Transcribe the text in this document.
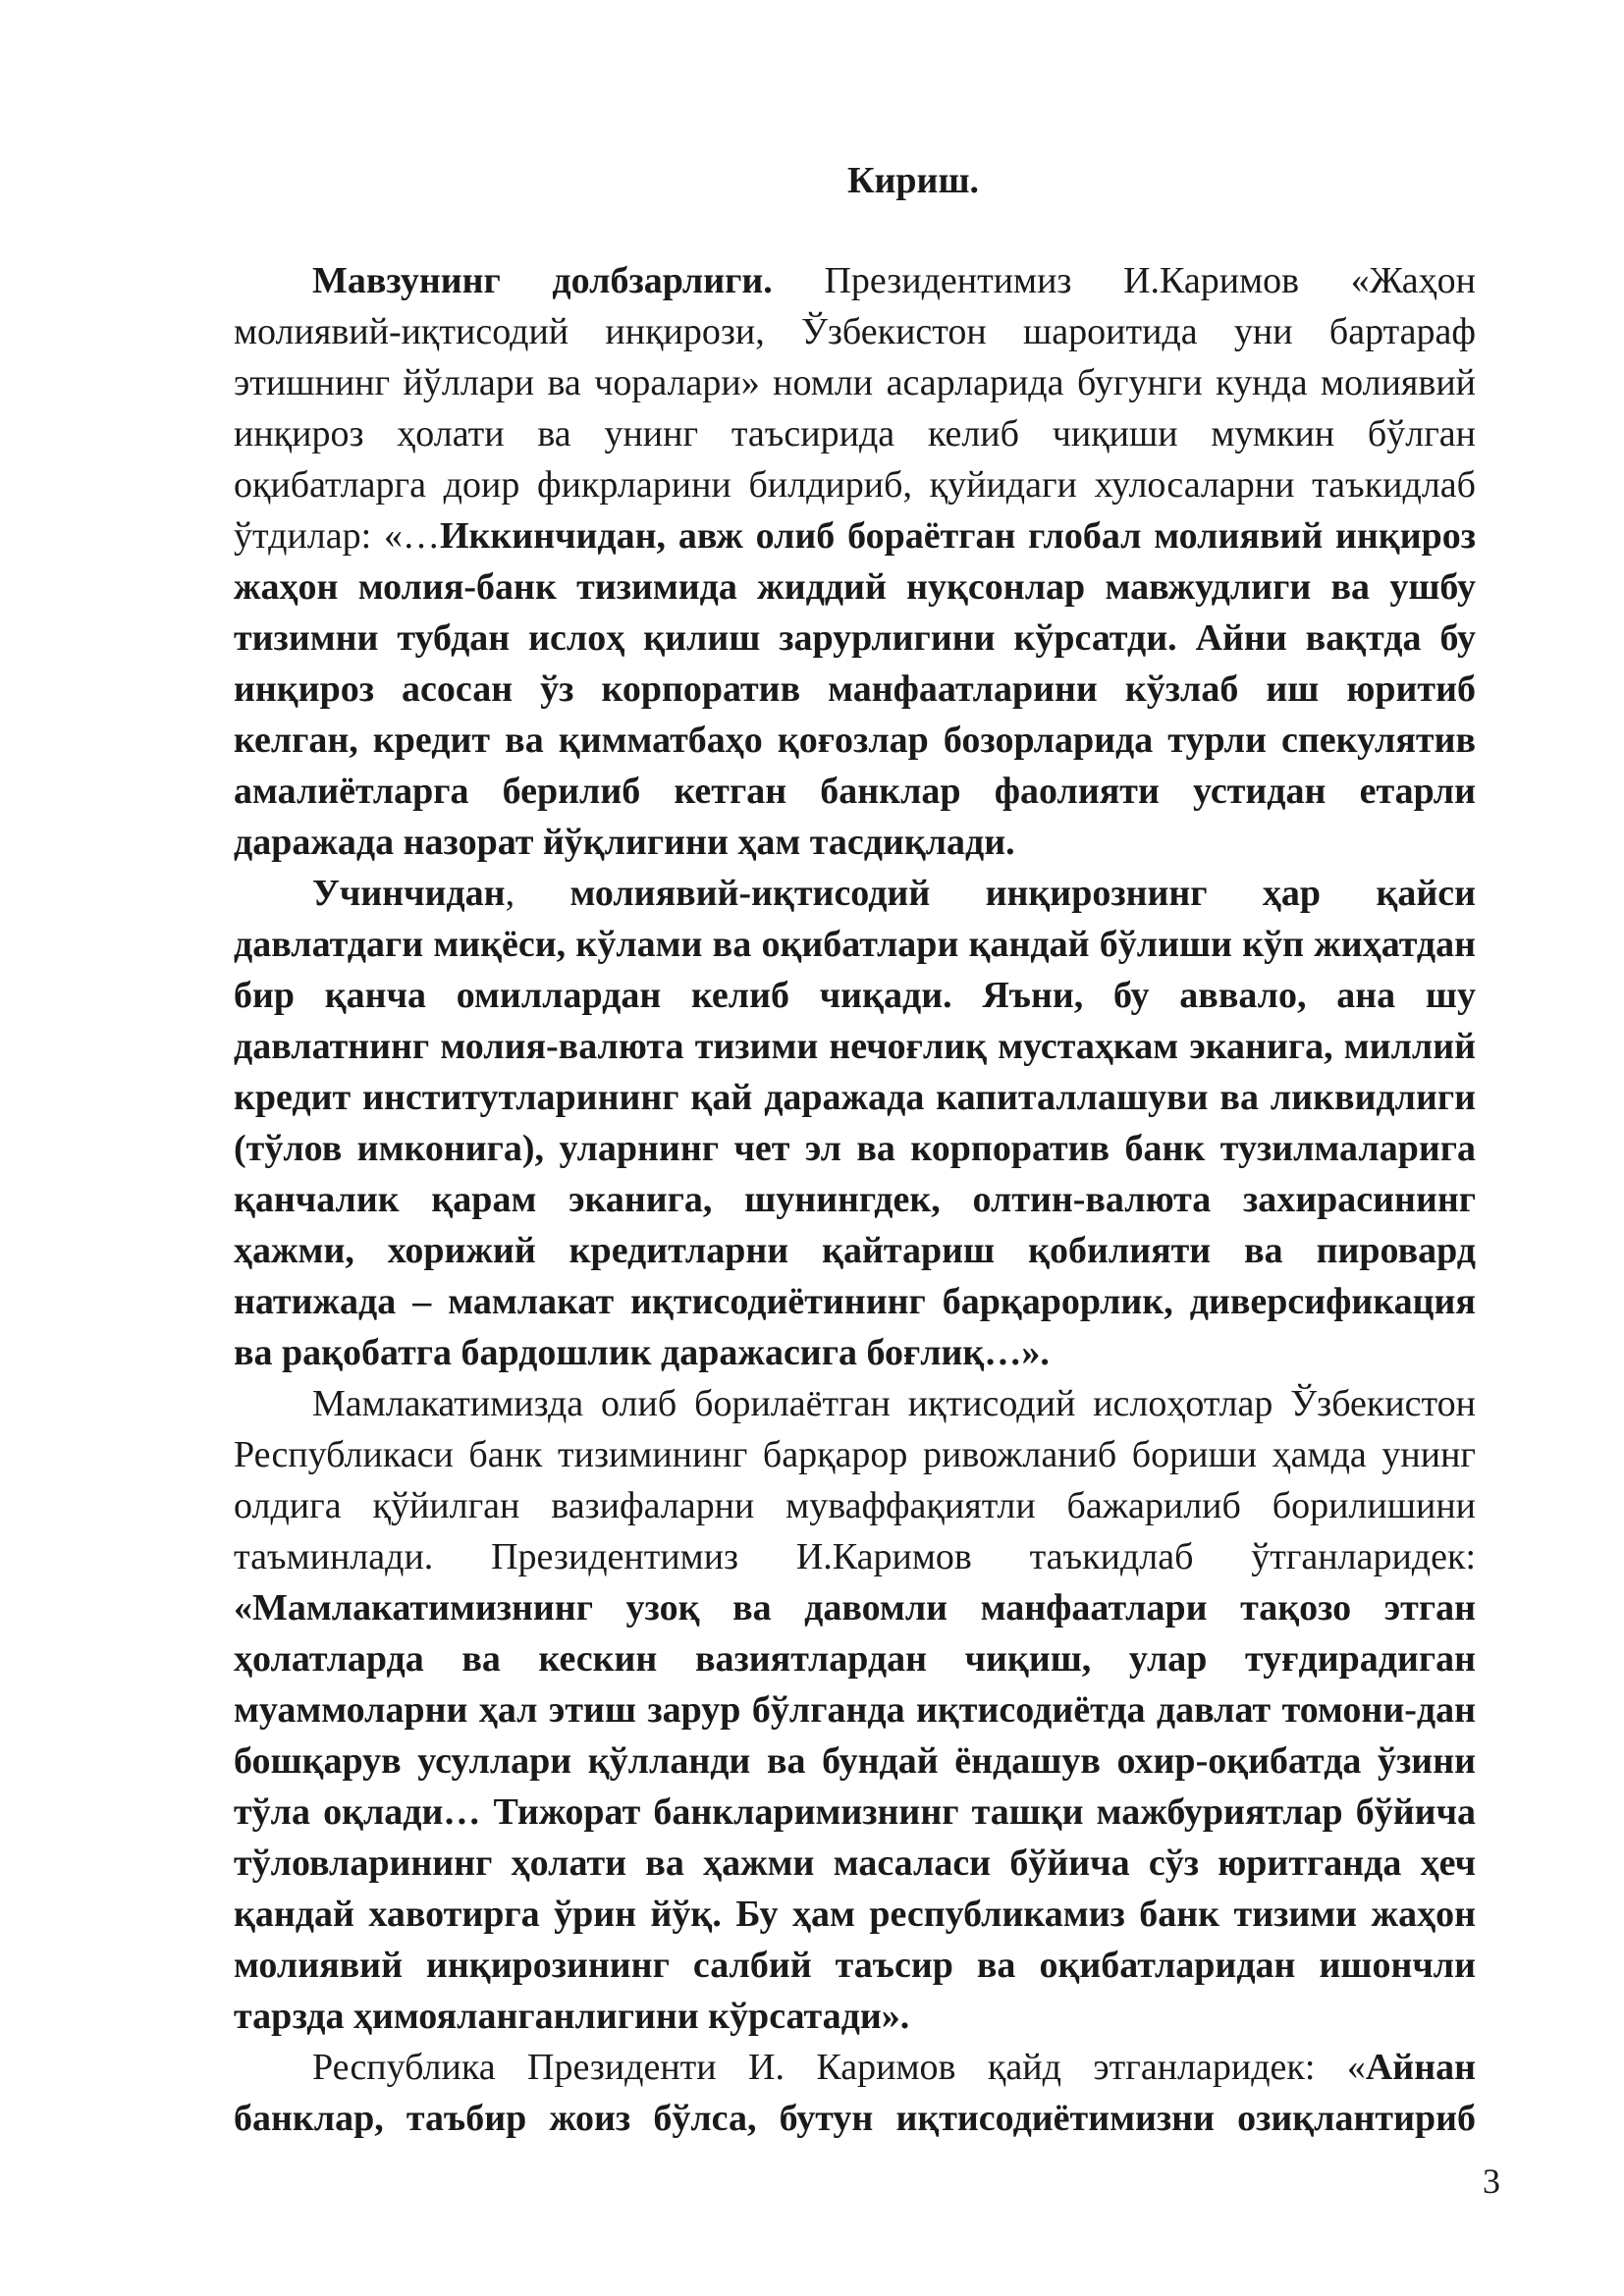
Кириш.

Мавзунинг долбзарлиги. Президентимиз И.Каримов «Жаҳон молиявий-иқтисодий инқирози, Ўзбекистон шароитида уни бартараф этишнинг йўллари ва чоралари» номли асарларида бугунги кунда молиявий инқироз ҳолати ва унинг таъсирида келиб чиқиши мумкин бўлган оқибатларга доир фикрларини билдириб, қуйидаги хулосаларни таъкидлаб ўтдилар: «…Иккинчидан, авж олиб бораётган глобал молиявий инқироз жаҳон молия-банк тизимида жиддий нуқсонлар мавжудлиги ва ушбу тизимни тубдан ислоҳ қилиш зарурлигини кўрсатди. Айни вақтда бу инқироз асосан ўз корпоратив манфаатларини кўзлаб иш юритиб келган, кредит ва қимматбаҳо қоғозлар бозорларида турли спекулятив амалиётларга берилиб кетган банклар фаолияти устидан етарли даражада назорат йўқлигини ҳам тасдиқлади.

Учинчидан, молиявий-иқтисодий инқирознинг ҳар қайси давлатдаги миқёси, кўлами ва оқибатлари қандай бўлиши кўп жиҳатдан бир қанча омиллардан келиб чиқади. Яъни, бу аввало, ана шу давлатнинг молия-валюта тизими нечоғлиқ мустаҳкам эканига, миллий кредит институтларининг қай даражада капиталлашуви ва ликвидлиги (тўлов имконига), уларнинг чет эл ва корпоратив банк тузилмаларига қанчалик қарам эканига, шунингдек, олтин-валюта захирасининг ҳажми, хорижий кредитларни қайтариш қобилияти ва пировард натижада – мамлакат иқтисодиётининг барқарорлик, диверсификация ва рақобатга бардошлик даражасига боғлиқ…».

Мамлакатимизда олиб борилаётган иқтисодий ислоҳотлар Ўзбекистон Республикаси банк тизимининг барқарор ривожланиб бориши ҳамда унинг олдига қўйилган вазифаларни муваффақиятли бажарилиб борилишини таъминлади. Президентимиз И.Каримов таъкидлаб ўтганларидек: «Мамлакатимизнинг узоқ ва давомли манфаатлари тақозо этган ҳолатларда ва кескин вазиятлардан чиқиш, улар туғдирадиган муаммоларни ҳал этиш зарур бўлганда иқтисодиётда давлат томони-дан бошқарув усуллари қўлланди ва бундай ёндашув охир-оқибатда ўзини тўла оқлади… Тижорат банкларимизнинг ташқи мажбуриятлар бўйича тўловларининг ҳолати ва ҳажми масаласи бўйича сўз юритганда ҳеч қандай хавотирга ўрин йўқ. Бу ҳам республикамиз банк тизими жаҳон молиявий инқирозининг салбий таъсир ва оқибатларидан ишончли тарзда ҳимояланганлигини кўрсатади».

Республика Президенти И. Каримов қайд этганларидек: «Айнан банклар, таъбир жоиз бўлса, бутун иқтисодиётимизни озиқлантириб

3
